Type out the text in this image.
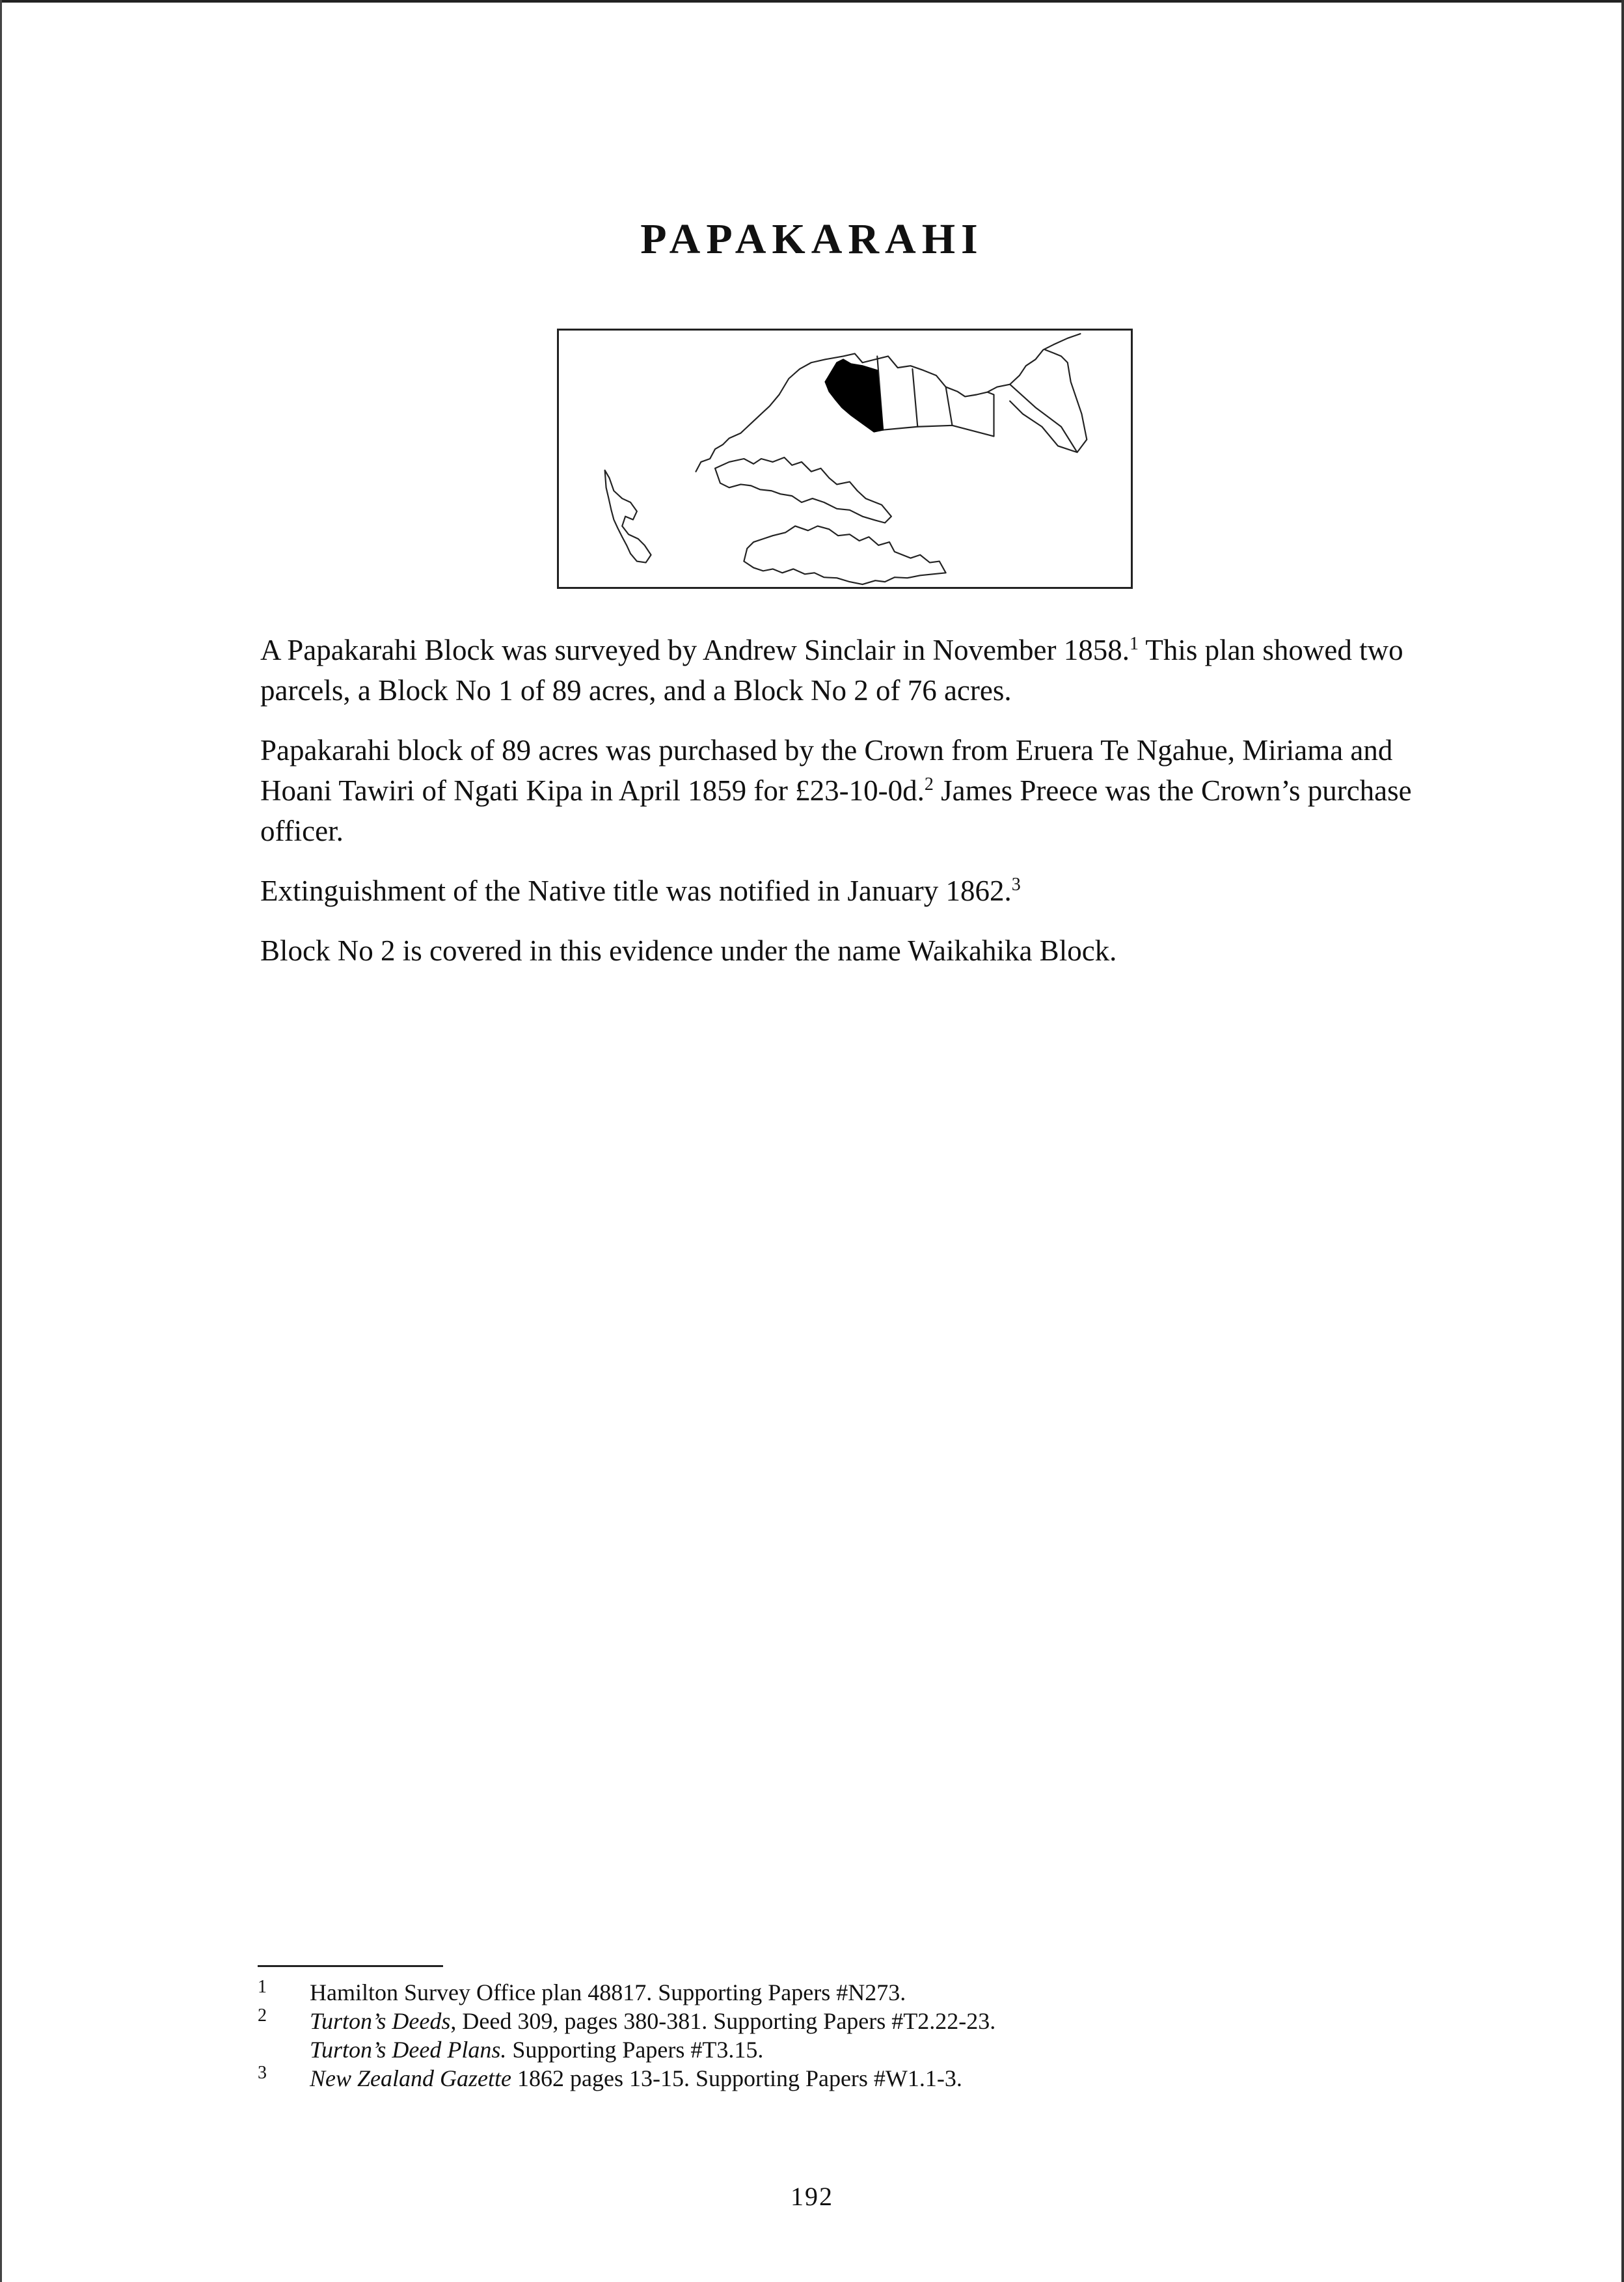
PAPAKARAHI

A Papakarahi Block was surveyed by Andrew Sinclair in November 1858.$^1$ This plan showed two parcels, a Block No 1 of 89 acres, and a Block No 2 of 76 acres.

Papakarahi block of 89 acres was purchased by the Crown from Eruera Te Ngahue, Miriama and Hoani Tawiri of Ngati Kipa in April 1859 for £23-10-0d.$^2$ James Preece was the Crown’s purchase officer.

Extinguishment of the Native title was notified in January 1862.$^3$

Block No 2 is covered in this evidence under the name Waikahika Block.

1 Hamilton Survey Office plan 48817. Supporting Papers #N273.
2 Turton’s Deeds, Deed 309, pages 380-381. Supporting Papers #T2.22-23.
Turton’s Deed Plans. Supporting Papers #T3.15.
3 New Zealand Gazette 1862 pages 13-15. Supporting Papers #W1.1-3.
192
